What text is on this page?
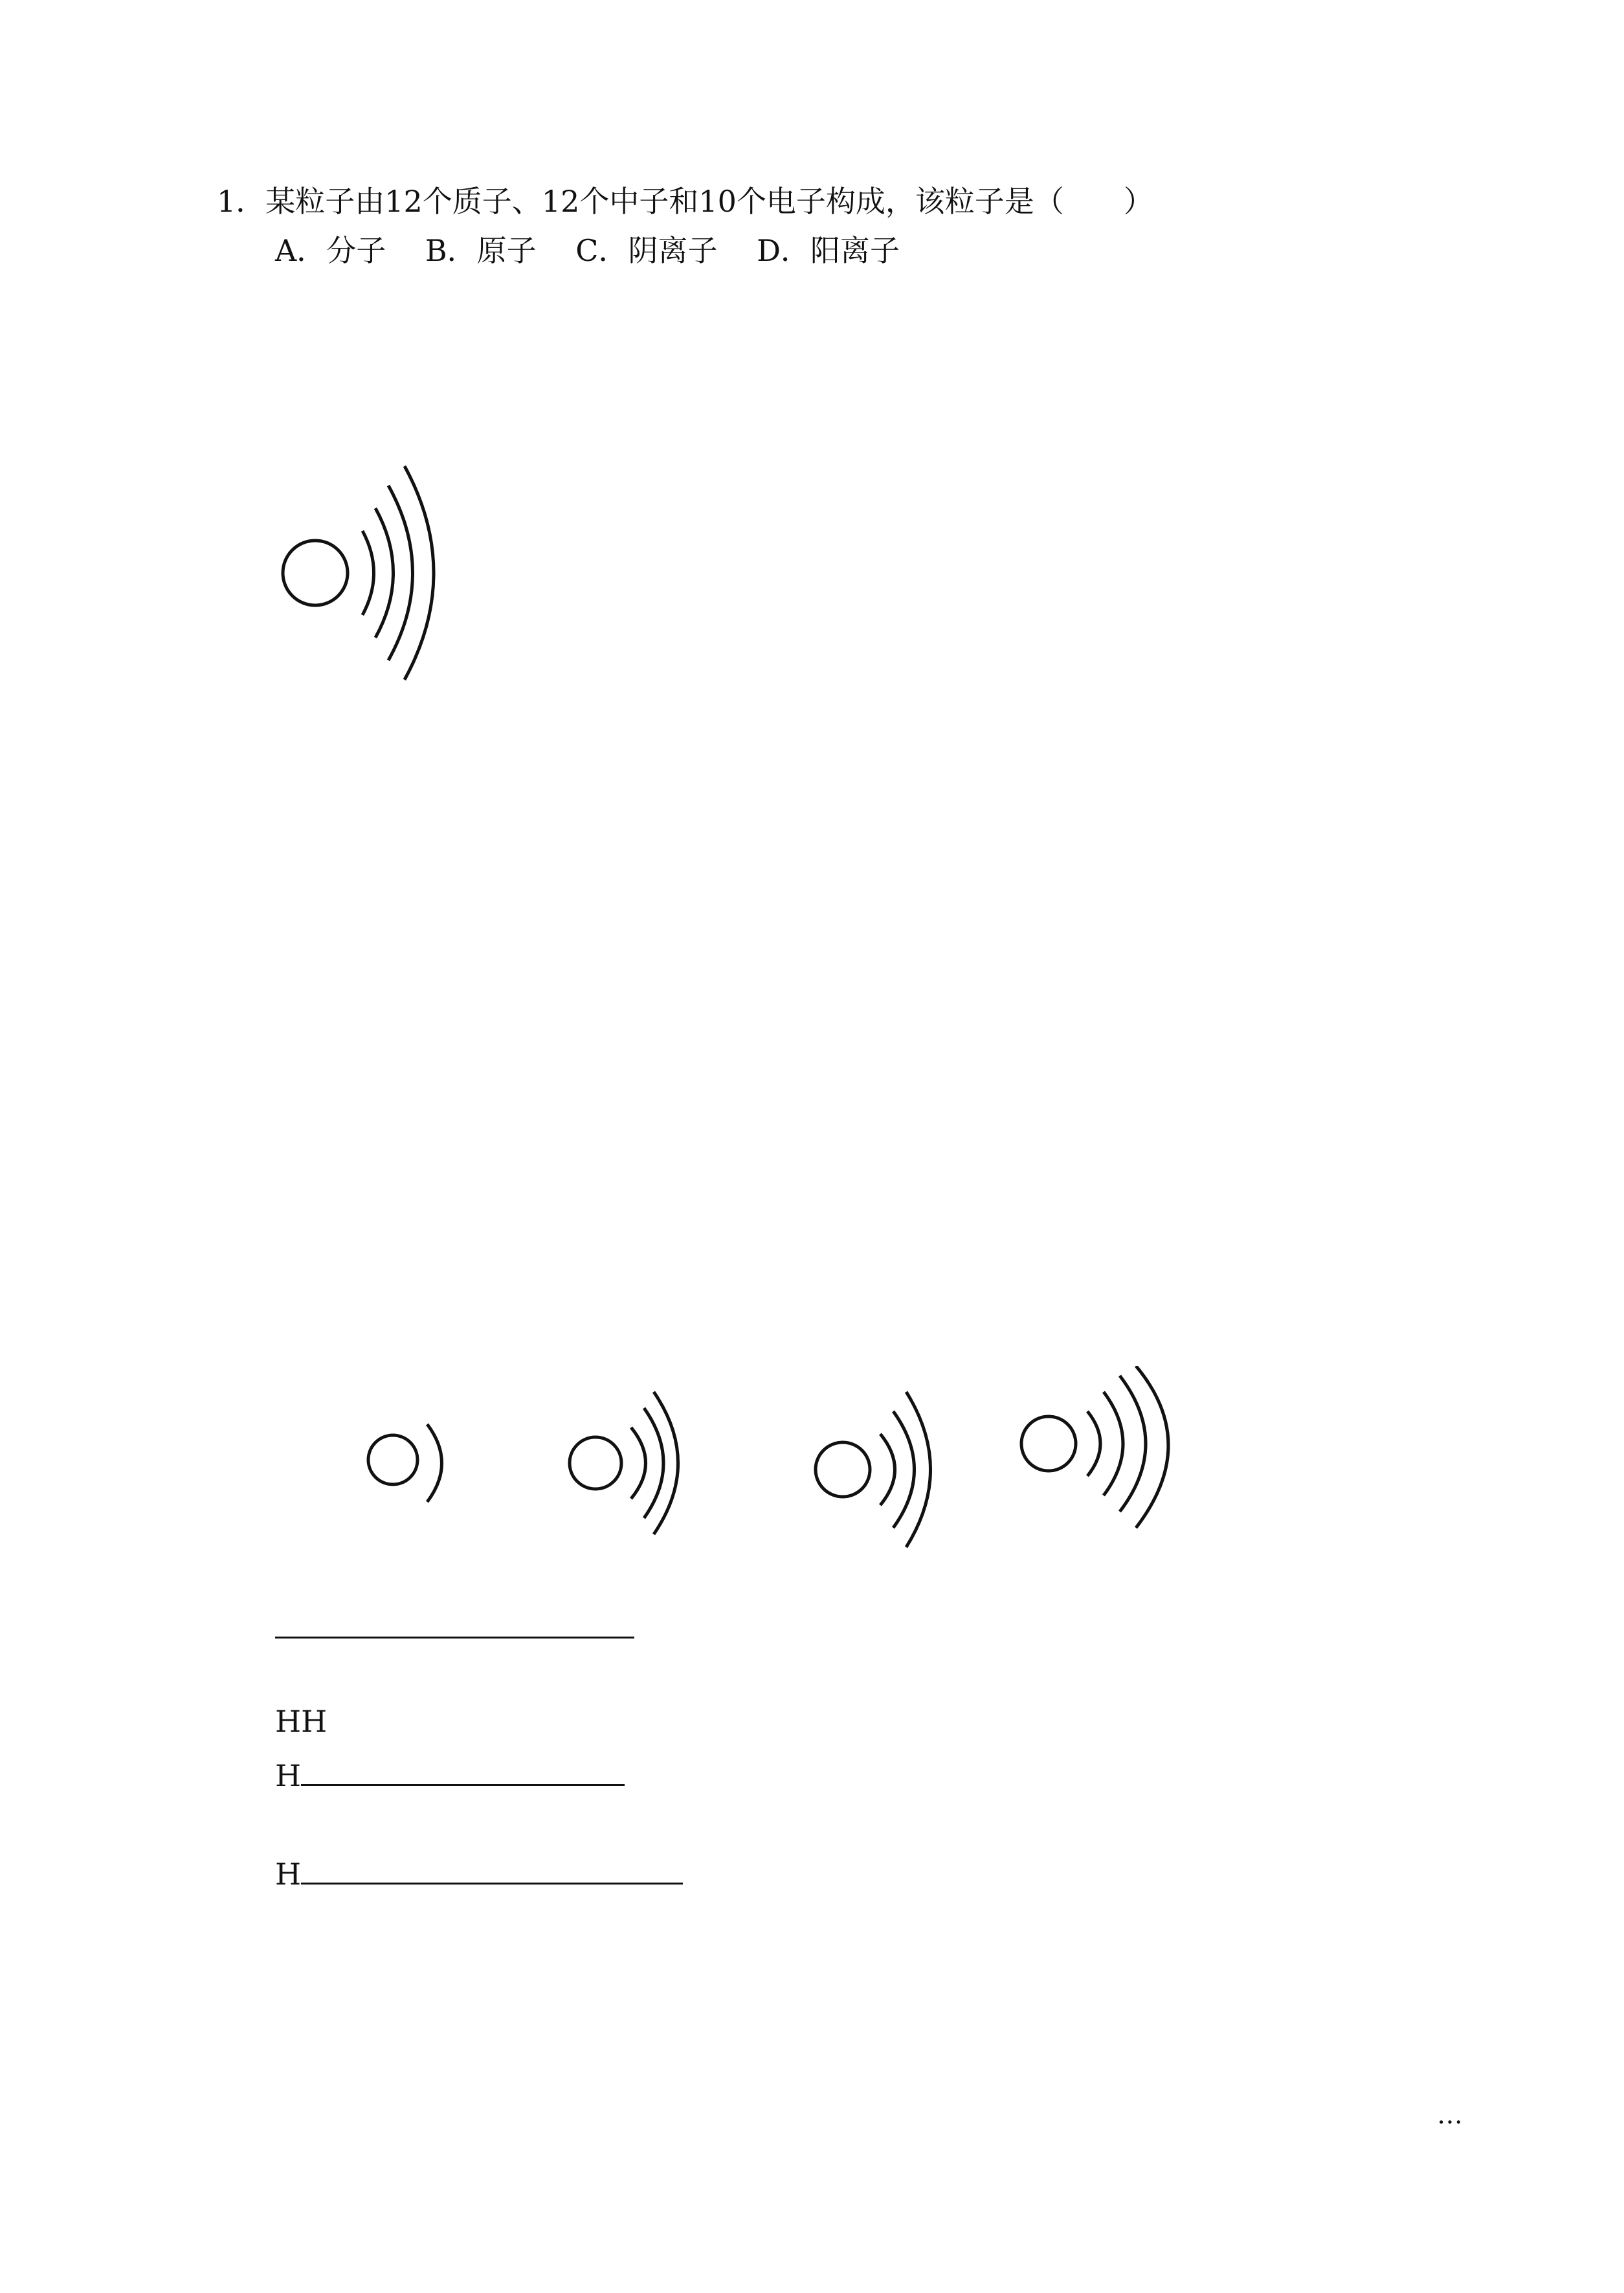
1．某粒子由12个质子、12个中子和10个电子构成，该粒子是（　　）
A．分子　 B．原子　 C．阴离子　 D．阳离子
HH
H
H
…
